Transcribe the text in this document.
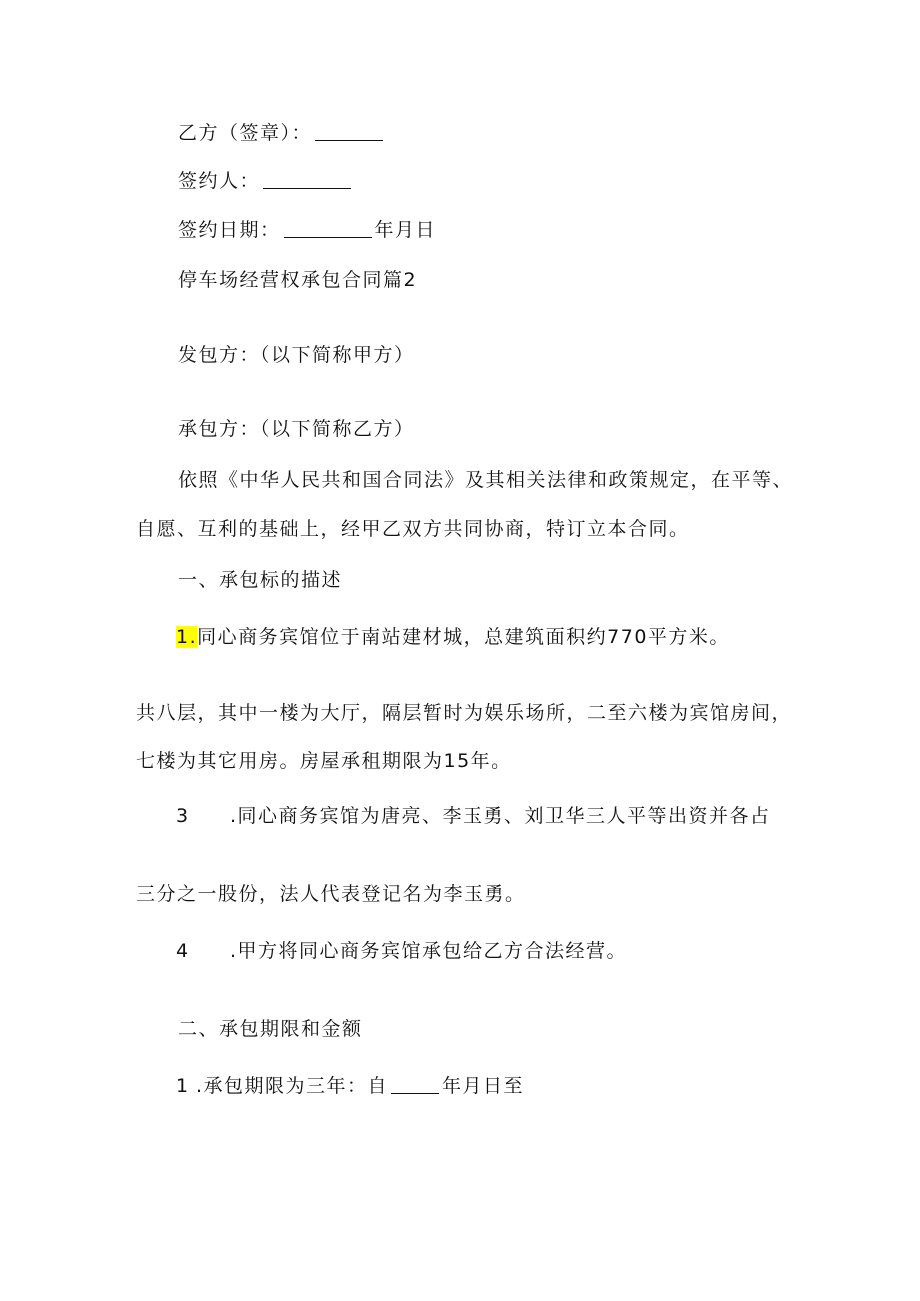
乙方（签章）：
签约人：
签约日期：	年月日
停车场经营权承包合同篇2
发包方：（以下简称甲方）
承包方：（以下简称乙方）
依照《中华人民共和国合同法》及其相关法律和政策规定，在平等、
自愿、互利的基础上，经甲乙双方共同协商，特订立本合同。
一、承包标的描述
1.同心商务宾馆位于南站建材城，总建筑面积约770平方米。
共八层，其中一楼为大厅，隔层暂时为娱乐场所，二至六楼为宾馆房间，
七楼为其它用房。房屋承租期限为15年。
3 .同心商务宾馆为唐亮、李玉勇、刘卫华三人平等出资并各占
三分之一股份，法人代表登记名为李玉勇。
4 .甲方将同心商务宾馆承包给乙方合法经营。
二、承包期限和金额
1 .承包期限为三年：自	年月日至
